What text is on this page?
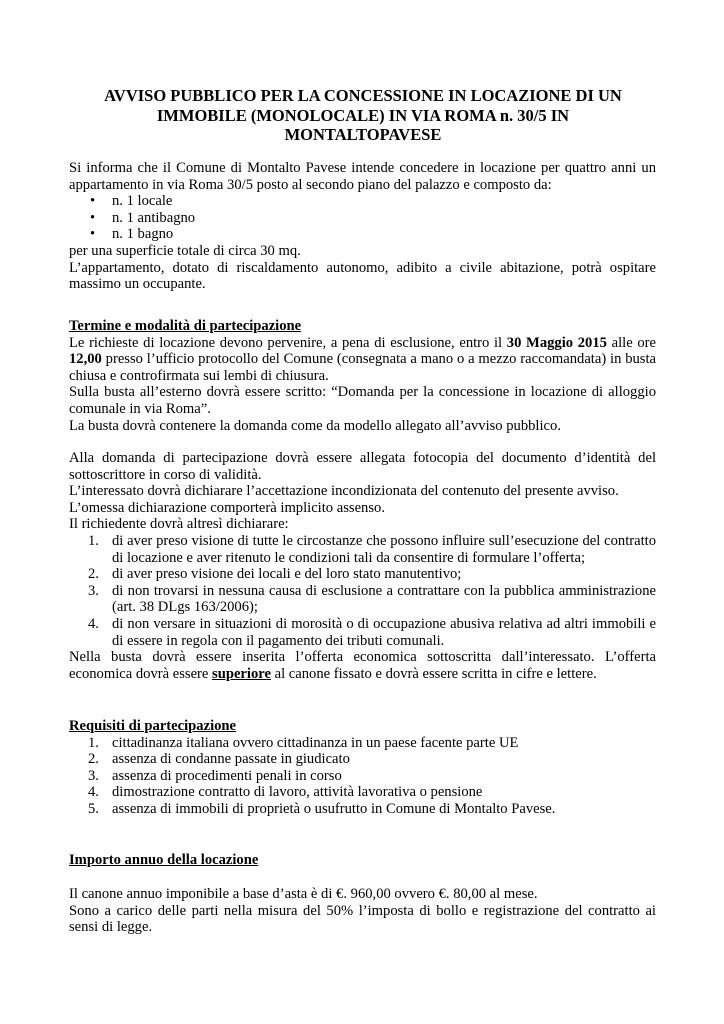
AVVISO PUBBLICO PER LA CONCESSIONE IN LOCAZIONE DI UN
IMMOBILE (MONOLOCALE) IN VIA ROMA n. 30/5 IN
MONTALTOPAVESE
Si informa che il Comune di Montalto Pavese intende concedere in locazione per quattro anni un appartamento in via Roma 30/5 posto al secondo piano del palazzo e composto da:
• n. 1 locale
• n. 1 antibagno
• n. 1 bagno
per una superficie totale di circa 30 mq.
L’appartamento, dotato di riscaldamento autonomo, adibito a civile abitazione, potrà ospitare massimo un occupante.
Termine e modalità di partecipazione
Le richieste di locazione devono pervenire, a pena di esclusione, entro il 30 Maggio 2015 alle ore 12,00 presso l’ufficio protocollo del Comune (consegnata a mano o a mezzo raccomandata) in busta chiusa e controfirmata sui lembi di chiusura.
Sulla busta all’esterno dovrà essere scritto: “Domanda per la concessione in locazione di alloggio comunale in via Roma”.
La busta dovrà contenere la domanda come da modello allegato all’avviso pubblico.
Alla domanda di partecipazione dovrà essere allegata fotocopia del documento d’identità del sottoscrittore in corso di validità.
L’interessato dovrà dichiarare l’accettazione incondizionata del contenuto del presente avviso.
L’omessa dichiarazione comporterà implicito assenso.
Il richiedente dovrà altresì dichiarare:
1. di aver preso visione di tutte le circostanze che possono influire sull’esecuzione del contratto di locazione e aver ritenuto le condizioni tali da consentire di formulare l’offerta;
2. di aver preso visione dei locali e del loro stato manutentivo;
3. di non trovarsi in nessuna causa di esclusione a contrattare con la pubblica amministrazione (art. 38 DLgs 163/2006);
4. di non versare in situazioni di morosità o di occupazione abusiva relativa ad altri immobili e di essere in regola con il pagamento dei tributi comunali.
Nella busta dovrà essere inserita l’offerta economica sottoscritta dall’interessato. L’offerta economica dovrà essere superiore al canone fissato e dovrà essere scritta in cifre e lettere.
Requisiti di partecipazione
1. cittadinanza italiana ovvero cittadinanza in un paese facente parte UE
2. assenza di condanne passate in giudicato
3. assenza di procedimenti penali in corso
4. dimostrazione contratto di lavoro, attività lavorativa o pensione
5. assenza di immobili di proprietà o usufrutto in Comune di Montalto Pavese.
Importo annuo della locazione
Il canone annuo imponibile a base d’asta è di €. 960,00 ovvero €. 80,00 al mese.
Sono a carico delle parti nella misura del 50% l’imposta di bollo e registrazione del contratto ai sensi di legge.
